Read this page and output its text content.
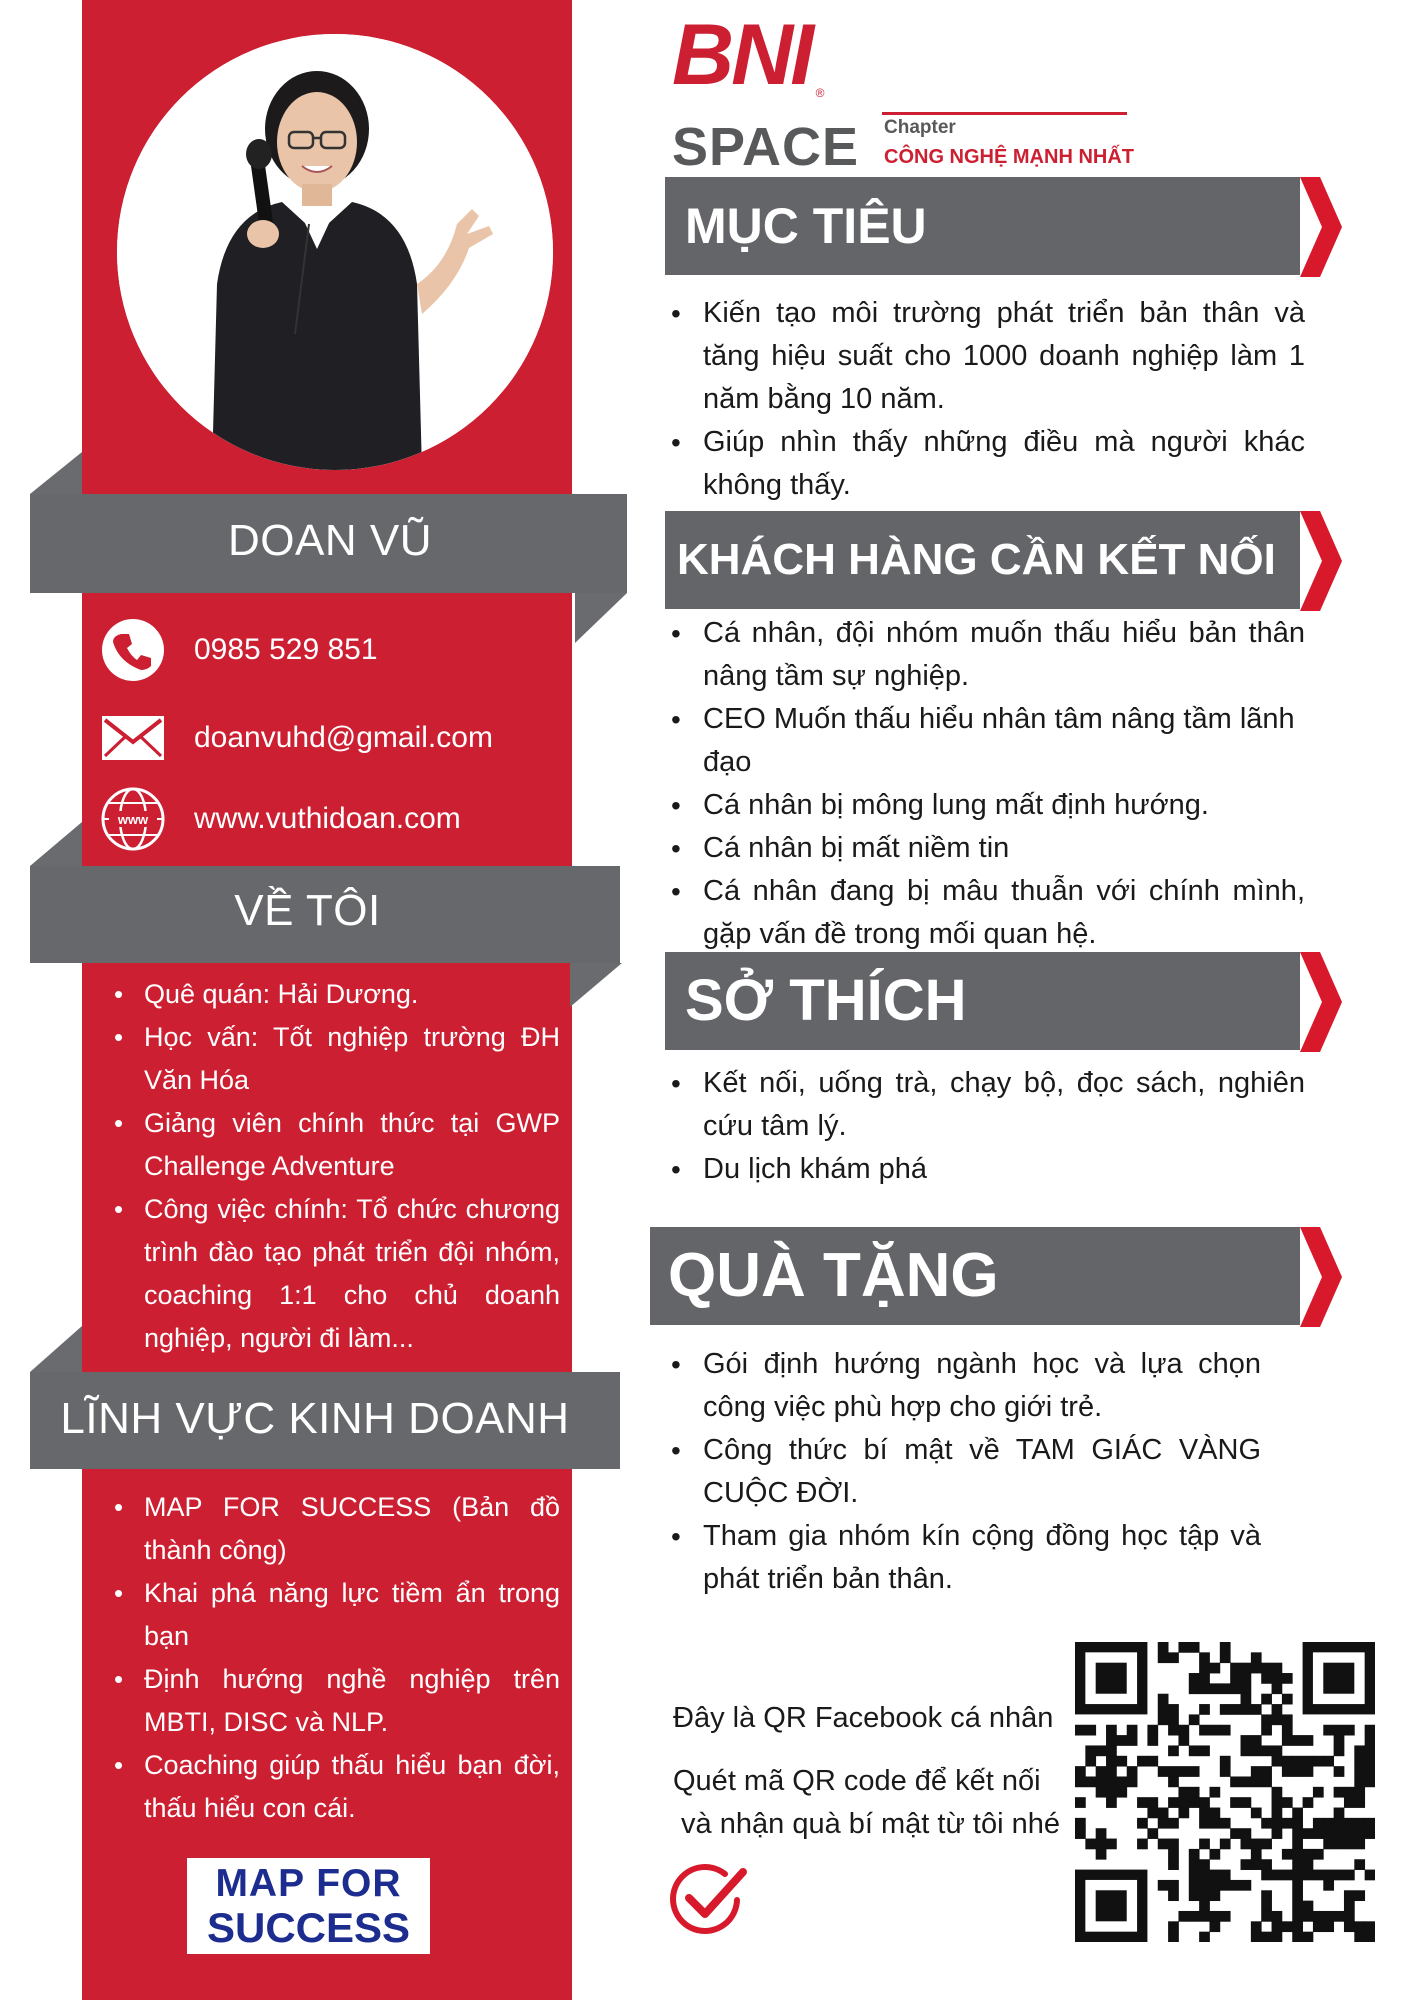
DOAN VŨ
0985 529 851
doanvuhd@gmail.com
www www.vuthidoan.com
VỀ TÔI
• Quê quán: Hải Dương.
• Học vấn: Tốt nghiệp trường ĐH Văn Hóa
• Giảng viên chính thức tại GWP Challenge Adventure
• Công việc chính: Tổ chức chương trình đào tạo phát triển đội nhóm, coaching 1:1 cho chủ doanh nghiệp, người đi làm...
LĨNH VỰC KINH DOANH
• MAP FOR SUCCESS (Bản đồ thành công)
• Khai phá năng lực tiềm ẩn trong bạn
• Định hướng nghề nghiệp trên MBTI, DISC và NLP.
• Coaching giúp thấu hiểu bạn đời, thấu hiểu con cái.
MAP FOR
SUCCESS
BNI ®
SPACE Chapter
CÔNG NGHỆ MẠNH NHẤT
MỤC TIÊU
• Kiến tạo môi trường phát triển bản thân và tăng hiệu suất cho 1000 doanh nghiệp làm 1 năm bằng 10 năm.
• Giúp nhìn thấy những điều mà người khác không thấy.
KHÁCH HÀNG CẦN KẾT NỐI
• Cá nhân, đội nhóm muốn thấu hiểu bản thân nâng tầm sự nghiệp.
• CEO Muốn thấu hiểu nhân tâm nâng tầm lãnh đạo
• Cá nhân bị mông lung mất định hướng.
• Cá nhân bị mất niềm tin
• Cá nhân đang bị mâu thuẫn với chính mình, gặp vấn đề trong mối quan hệ.
SỞ THÍCH
• Kết nối, uống trà, chạy bộ, đọc sách, nghiên cứu tâm lý.
• Du lịch khám phá
QUÀ TẶNG
• Gói định hướng ngành học và lựa chọn công việc phù hợp cho giới trẻ.
• Công thức bí mật về TAM GIÁC VÀNG CUỘC ĐỜI.
• Tham gia nhóm kín cộng đồng học tập và phát triển bản thân.
Đây là QR Facebook cá nhân
Quét mã QR code để kết nối
và nhận quà bí mật từ tôi nhé
